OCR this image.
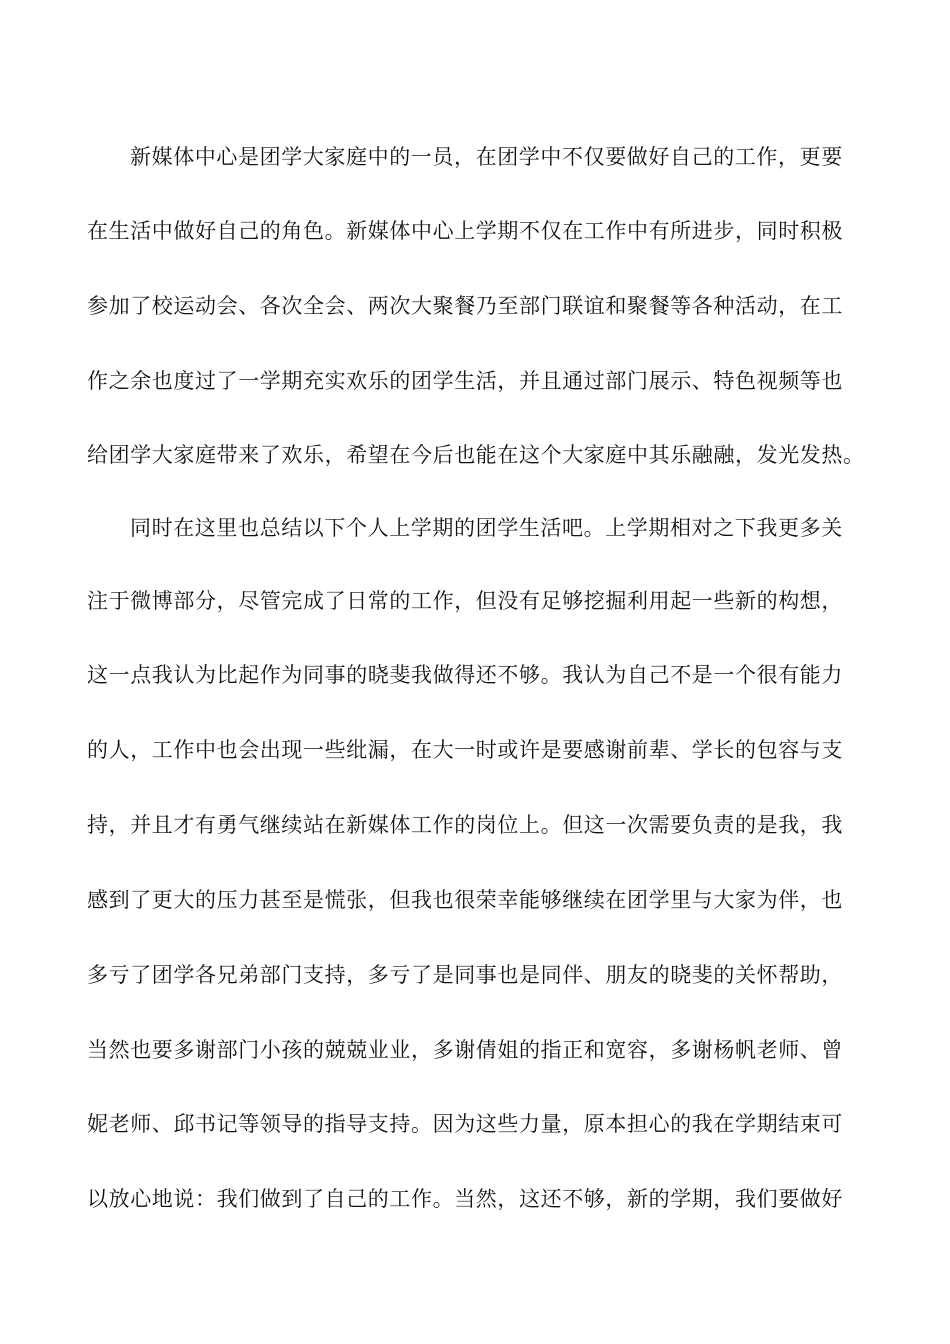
新媒体中心是团学大家庭中的一员，在团学中不仅要做好自己的工作，更要
在生活中做好自己的角色。新媒体中心上学期不仅在工作中有所进步，同时积极
参加了校运动会、各次全会、两次大聚餐乃至部门联谊和聚餐等各种活动，在工
作之余也度过了一学期充实欢乐的团学生活，并且通过部门展示、特色视频等也
给团学大家庭带来了欢乐，希望在今后也能在这个大家庭中其乐融融，发光发热。
同时在这里也总结以下个人上学期的团学生活吧。上学期相对之下我更多关
注于微博部分，尽管完成了日常的工作，但没有足够挖掘利用起一些新的构想，
这一点我认为比起作为同事的晓斐我做得还不够。我认为自己不是一个很有能力
的人，工作中也会出现一些纰漏，在大一时或许是要感谢前辈、学长的包容与支
持，并且才有勇气继续站在新媒体工作的岗位上。但这一次需要负责的是我，我
感到了更大的压力甚至是慌张，但我也很荣幸能够继续在团学里与大家为伴，也
多亏了团学各兄弟部门支持，多亏了是同事也是同伴、朋友的晓斐的关怀帮助，
当然也要多谢部门小孩的兢兢业业，多谢倩姐的指正和宽容，多谢杨帆老师、曾
妮老师、邱书记等领导的指导支持。因为这些力量，原本担心的我在学期结束可
以放心地说：我们做到了自己的工作。当然，这还不够，新的学期，我们要做好
